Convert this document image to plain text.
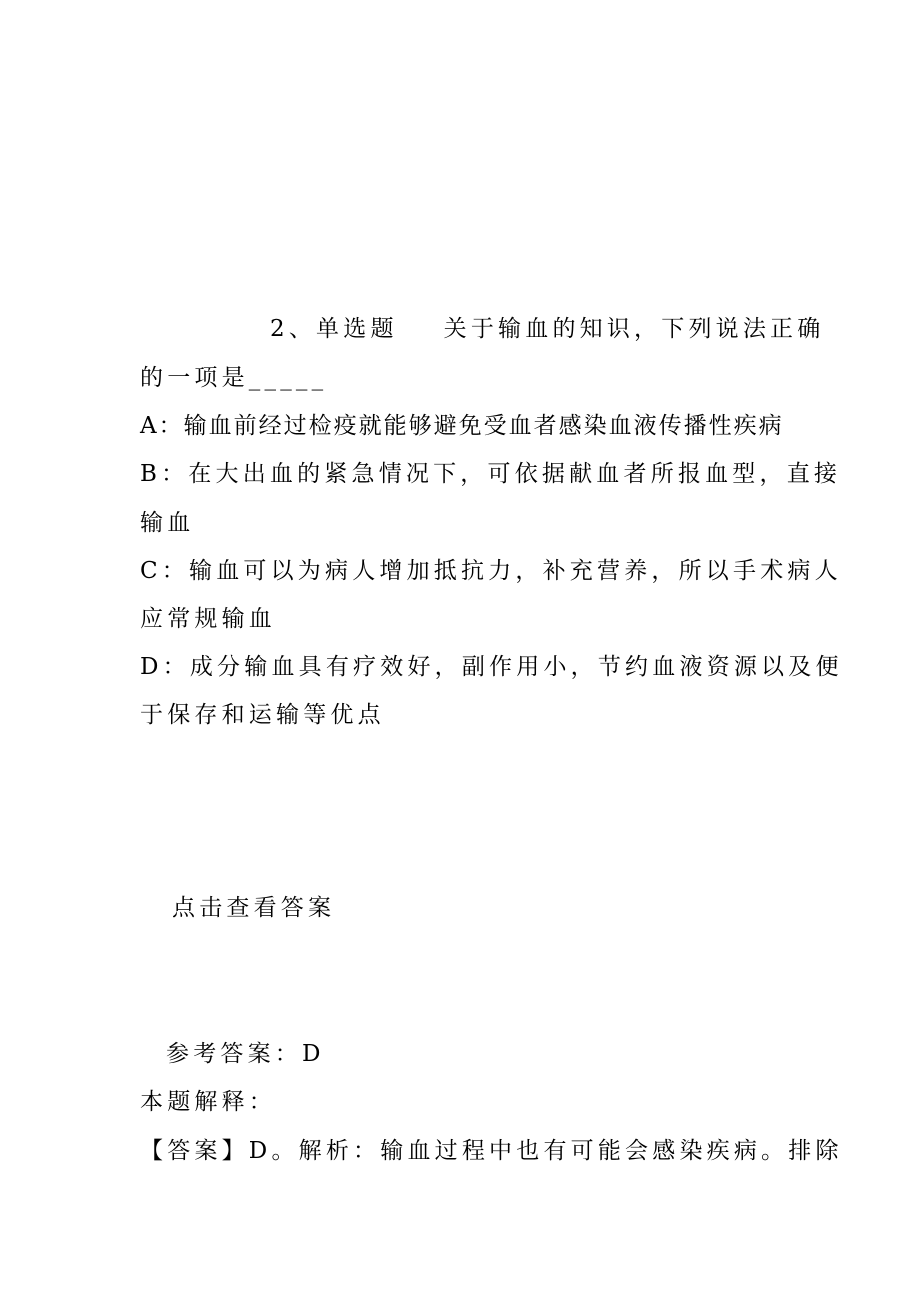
2、单选题 关于输血的知识，下列说法正确
的一项是_____
A：输血前经过检疫就能够避免受血者感染血液传播性疾病
B：在大出血的紧急情况下，可依据献血者所报血型，直接
输血
C：输血可以为病人增加抵抗力，补充营养，所以手术病人
应常规输血
D：成分输血具有疗效好，副作用小，节约血液资源以及便
于保存和运输等优点
点击查看答案
参考答案：D
本题解释：
【答案】D。解析：输血过程中也有可能会感染疾病。排除
